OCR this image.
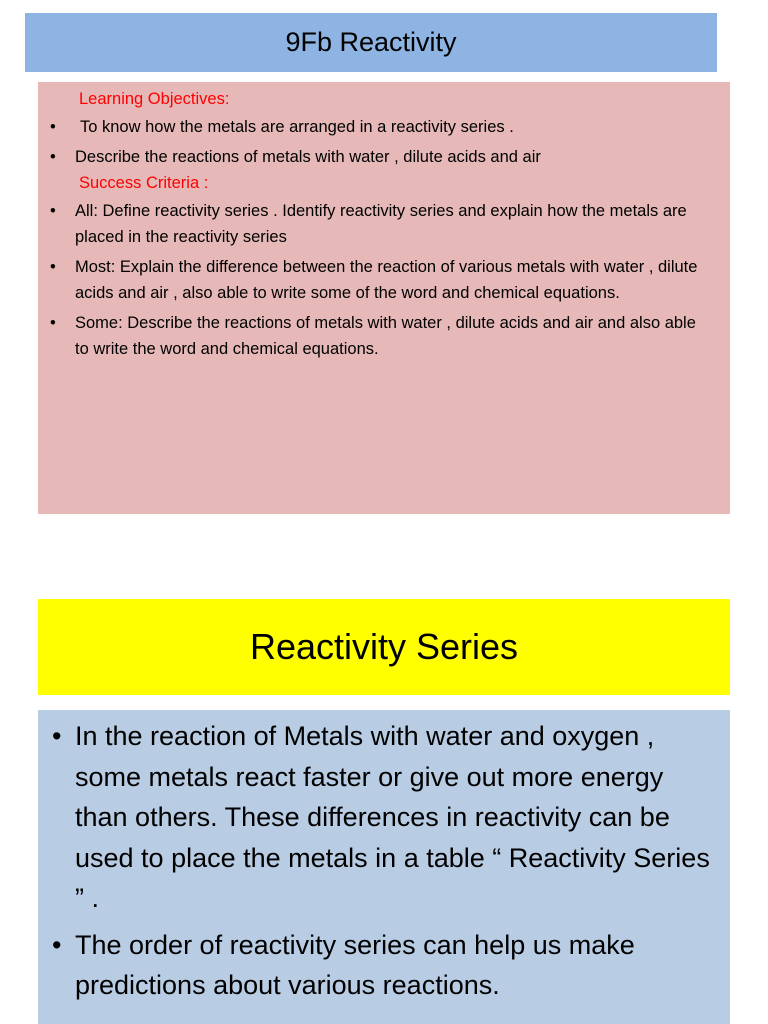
9Fb Reactivity

Learning Objectives:

• To know how the metals are arranged in a reactivity series .
• Describe the reactions of metals with water , dilute acids and air

Success Criteria :

• All: Define reactivity series . Identify reactivity series and explain how the metals are placed in the reactivity series
• Most: Explain the difference between the reaction of various metals with water , dilute acids and air , also able to write some of the word and chemical equations.
• Some: Describe the reactions of metals with water , dilute acids and air and also able to write the word and chemical equations.
Reactivity Series
• In the reaction of Metals with water and oxygen , some metals react faster or give out more energy than others. These differences in reactivity can be used to place the metals in a table “ Reactivity Series ” .
• The order of reactivity series can help us make predictions about various reactions.
